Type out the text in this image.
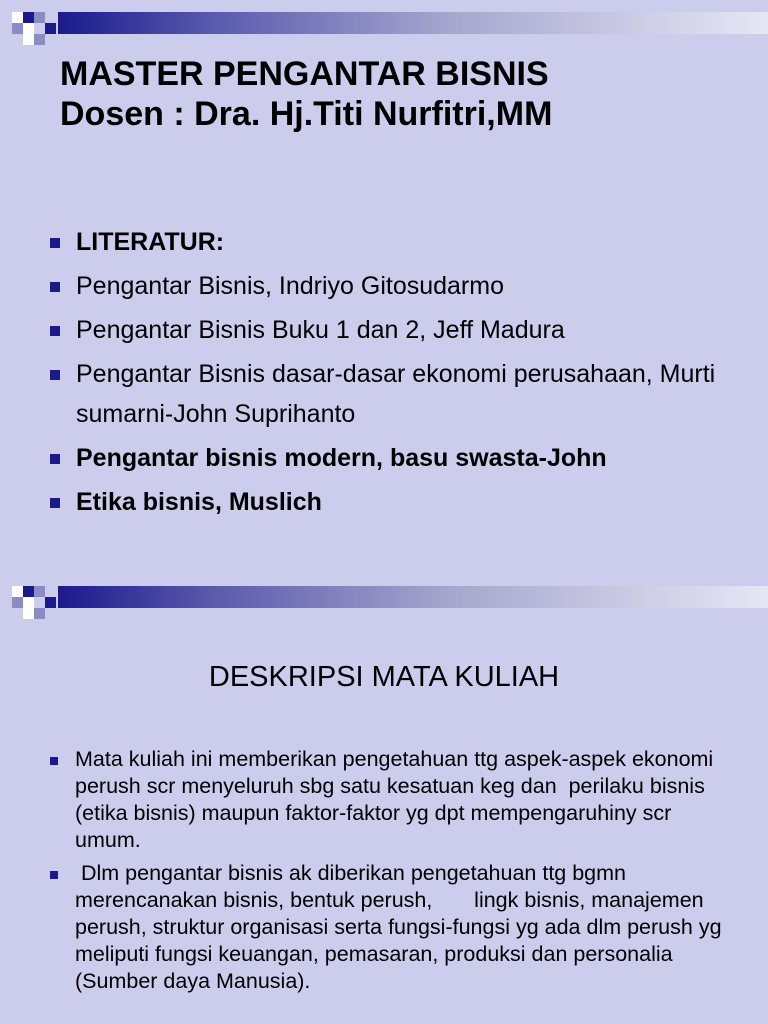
MASTER PENGANTAR BISNIS
Dosen : Dra. Hj.Titi Nurfitri,MM
LITERATUR:
Pengantar Bisnis, Indriyo Gitosudarmo
Pengantar Bisnis Buku 1 dan 2, Jeff Madura
Pengantar Bisnis dasar-dasar ekonomi perusahaan, Murti sumarni-John Suprihanto
Pengantar bisnis modern, basu swasta-John
Etika bisnis, Muslich
DESKRIPSI MATA KULIAH
Mata kuliah ini memberikan pengetahuan ttg aspek-aspek ekonomi perush scr menyeluruh sbg satu kesatuan keg dan  perilaku bisnis (etika bisnis) maupun faktor-faktor yg dpt mempengaruhiny scr umum.
Dlm pengantar bisnis ak diberikan pengetahuan ttg bgmn merencanakan bisnis, bentuk perush,       lingk bisnis, manajemen perush, struktur organisasi serta fungsi-fungsi yg ada dlm perush yg meliputi fungsi keuangan, pemasaran, produksi dan personalia (Sumber daya Manusia).
